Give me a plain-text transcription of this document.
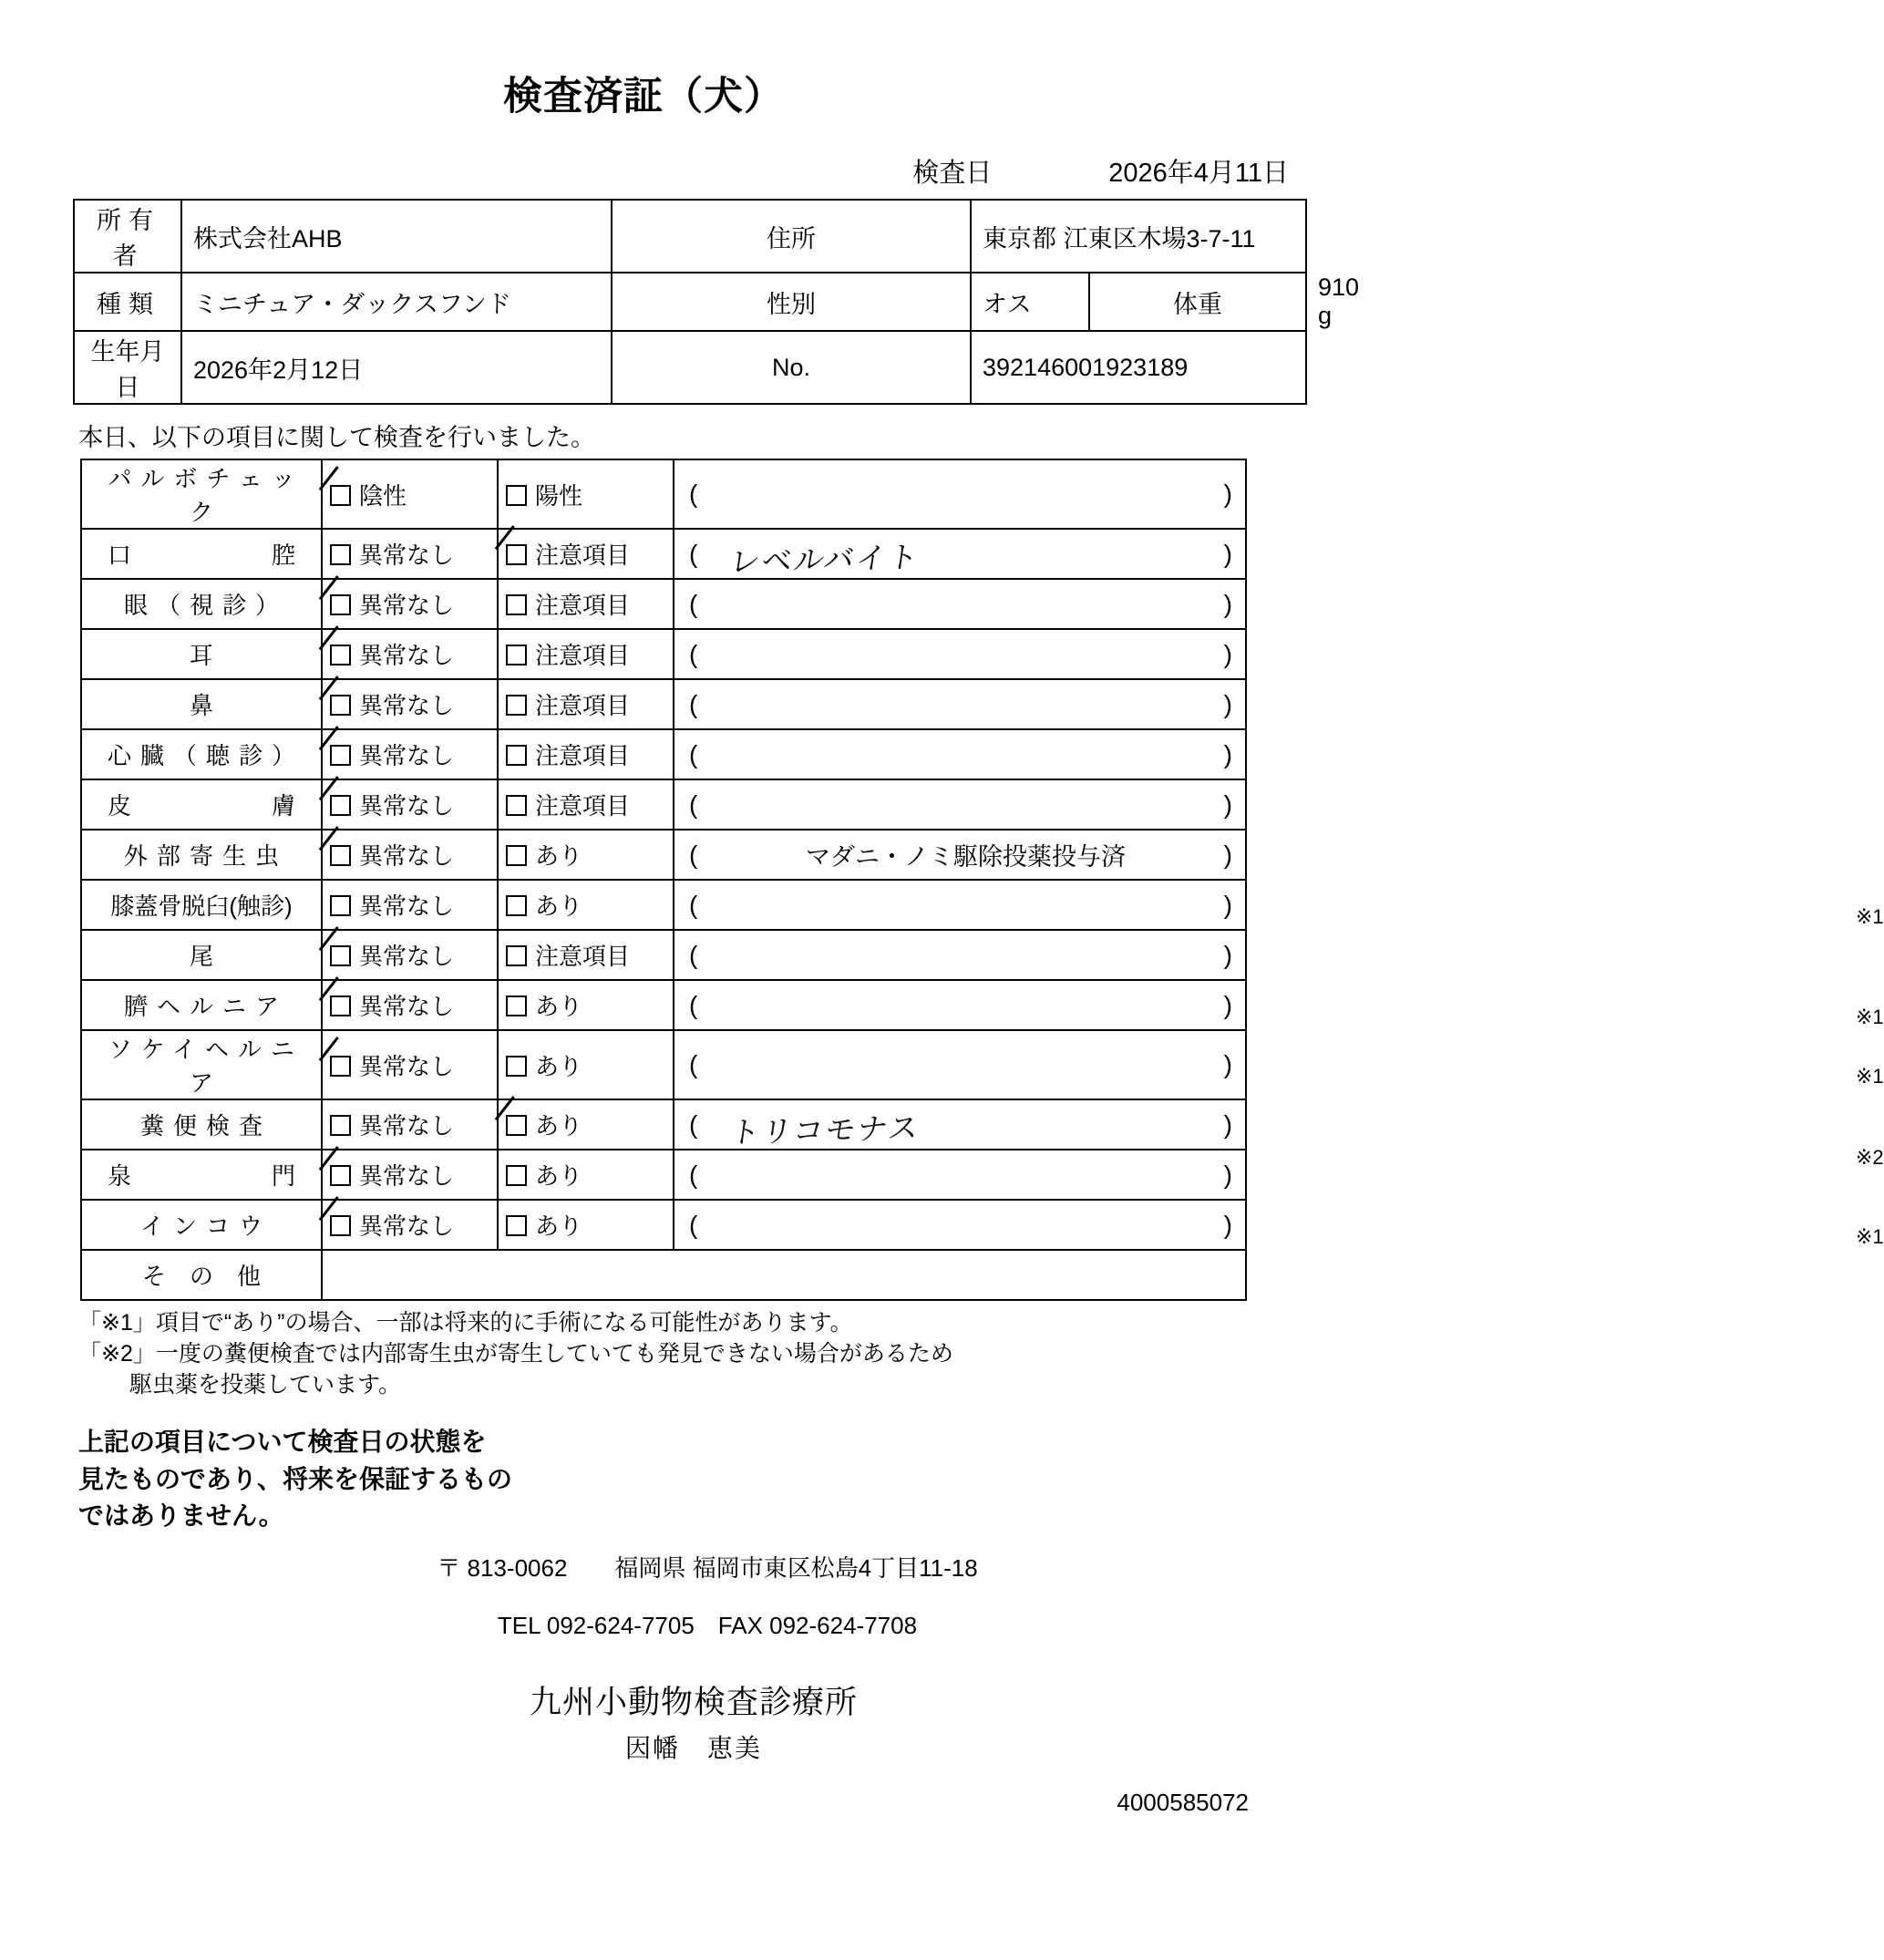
検査済証（犬）
検査日	2026年4月11日
所有者	株式会社AHB	住所	東京都 江東区木場3-7-11		
種類	ミニチュア・ダックスフンド	性別	オス	体重	910 g
生年月日	2026年2月12日	No.	392146001923189		
本日、以下の項目に関して検査を行いました。
パルボチェック	陰性	陽性	( )

口　　　　腔	異常なし	注意項目	( レベルバイト )

眼（視診）	異常なし	注意項目	( )

耳	異常なし	注意項目	( )

鼻	異常なし	注意項目	( )

心臓（聴診）	異常なし	注意項目	( )

皮　　　　膚	異常なし	注意項目	( )

外部寄生虫	異常なし	あり	( マダニ・ノミ駆除投薬投与済 )

膝蓋骨脱臼(触診)	異常なし	あり	( ) ※1

尾	異常なし	注意項目	( )

臍ヘルニア	異常なし	あり	( ) ※1

ソケイヘルニア	異常なし	あり	( ) ※1

糞便検査	異常なし	あり	( トリコモナス )
※2

泉　　　　門	異常なし	あり	( )

インコウ	異常なし	あり	( ) ※1

そ　の　他			
「※1」項目で“あり”の場合、一部は将来的に手術になる可能性があります。
「※2」一度の糞便検査では内部寄生虫が寄生していても発見できない場合があるため
駆虫薬を投薬しています。
上記の項目について検査日の状態を
見たものであり、将来を保証するもの
ではありません。
〒 813-0062　　福岡県 福岡市東区松島4丁目11-18
TEL 092-624-7705　FAX 092-624-7708
九州小動物検査診療所
因幡　恵美
4000585072
